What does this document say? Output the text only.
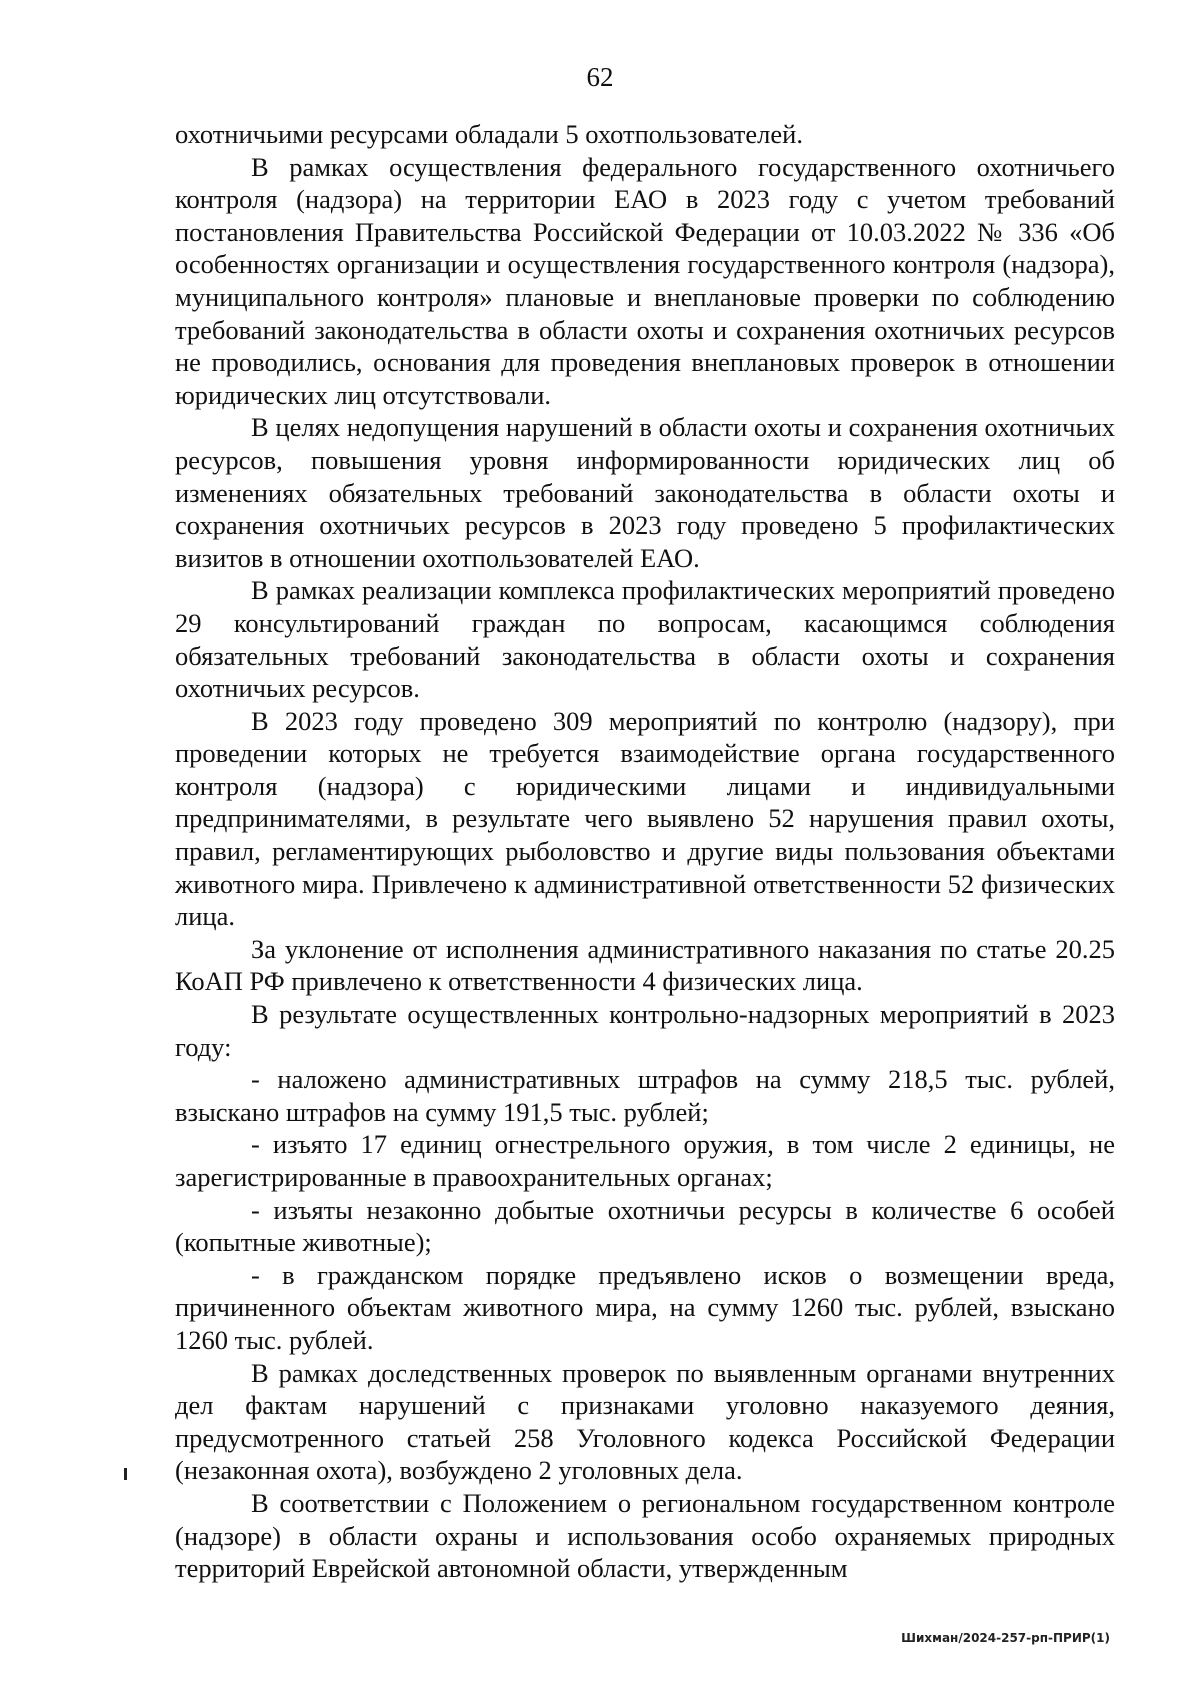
62

охотничьими ресурсами обладали 5 охотпользователей.

В рамках осуществления федерального государственного охотничьего контроля (надзора) на территории ЕАО в 2023 году с учетом требований постановления Правительства Российской Федерации от 10.03.2022 № 336 «Об особенностях организации и осуществления государственного контроля (надзора), муниципального контроля» плановые и внеплановые проверки по соблюдению требований законодательства в области охоты и сохранения охотничьих ресурсов не проводились, основания для проведения внеплановых проверок в отношении юридических лиц отсутствовали.

В целях недопущения нарушений в области охоты и сохранения охотничьих ресурсов, повышения уровня информированности юридических лиц об изменениях обязательных требований законодательства в области охоты и сохранения охотничьих ресурсов в 2023 году проведено 5 профилактических визитов в отношении охотпользователей ЕАО.

В рамках реализации комплекса профилактических мероприятий проведено 29 консультирований граждан по вопросам, касающимся соблюдения обязательных требований законодательства в области охоты и сохранения охотничьих ресурсов.

В 2023 году проведено 309 мероприятий по контролю (надзору), при проведении которых не требуется взаимодействие органа государственного контроля (надзора) с юридическими лицами и индивидуальными предпринимателями, в результате чего выявлено 52 нарушения правил охоты, правил, регламентирующих рыболовство и другие виды пользования объектами животного мира. Привлечено к административной ответственности 52 физических лица.

За уклонение от исполнения административного наказания по статье 20.25 КоАП РФ привлечено к ответственности 4 физических лица.

В результате осуществленных контрольно-надзорных мероприятий в 2023 году:

- наложено административных штрафов на сумму 218,5 тыс. рублей, взыскано штрафов на сумму 191,5 тыс. рублей;

- изъято 17 единиц огнестрельного оружия, в том числе 2 единицы, не зарегистрированные в правоохранительных органах;

- изъяты незаконно добытые охотничьи ресурсы в количестве 6 особей (копытные животные);

- в гражданском порядке предъявлено исков о возмещении вреда, причиненного объектам животного мира, на сумму 1260 тыс. рублей, взыскано 1260 тыс. рублей.

В рамках доследственных проверок по выявленным органами внутренних дел фактам нарушений с признаками уголовно наказуемого деяния, предусмотренного статьей 258 Уголовного кодекса Российской Федерации (незаконная охота), возбуждено 2 уголовных дела.

В соответствии с Положением о региональном государственном контроле (надзоре) в области охраны и использования особо охраняемых природных территорий Еврейской автономной области, утвержденным

Шихман/2024-257-рп-ПРИР(1)
